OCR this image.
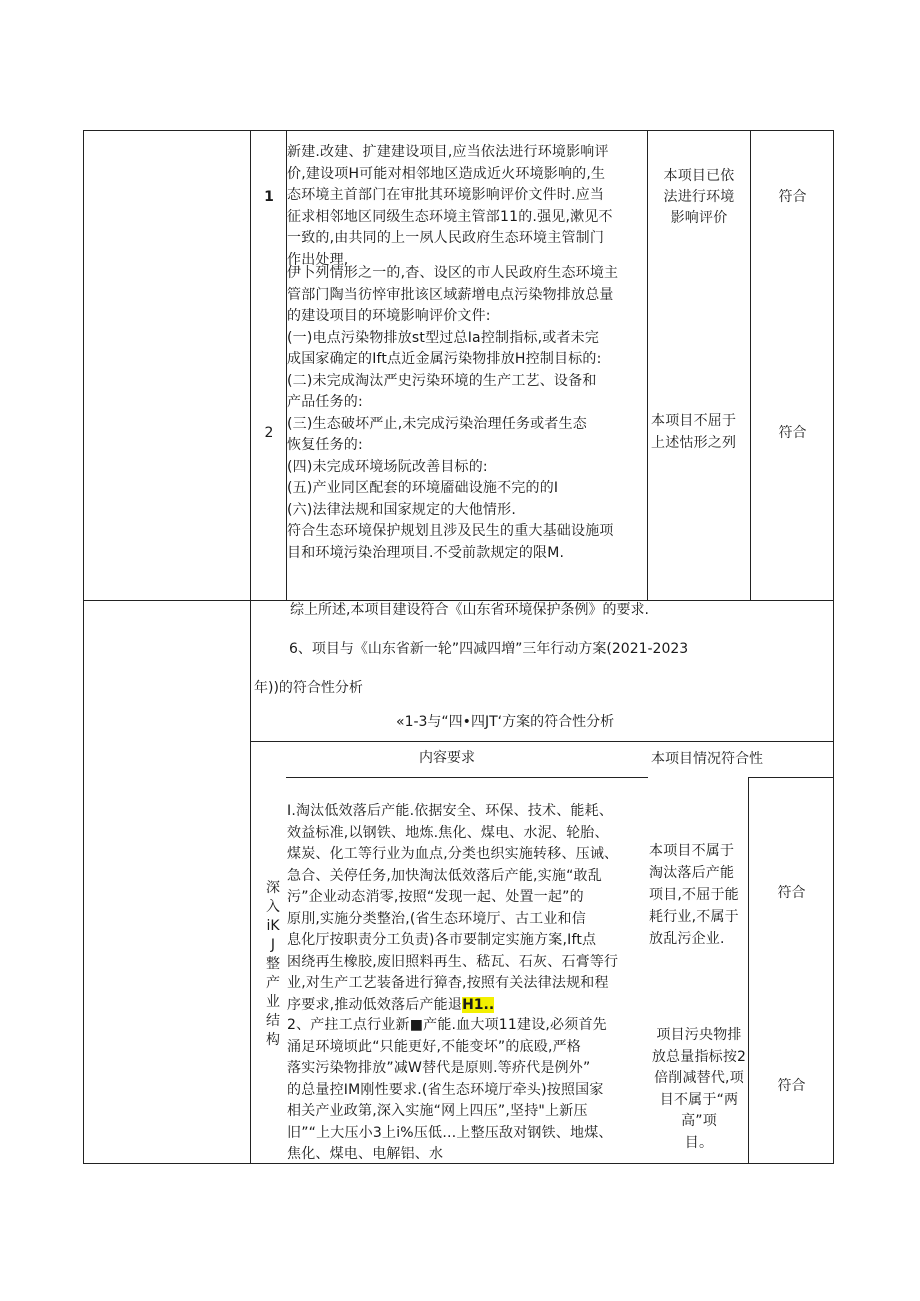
1
新建.改建、扩建建设项目,应当依法进行环境影响评
价,建设项H可能对相邻地区造成近火环境影响的,生
态环境主首部门在审批其环境影响评价文件时.应当
征求相邻地区同级生态环境主管部11的.强见,漱见不
一致的,由共同的上一夙人民政府生态环境主管制门
作出处理,
本项目已依
法进行环境
影响评价
符合
2
伊卜列情形之一的,杳、设区的市人民政府生态环境主
管部门陶当彷悴审批该区域薪增电点污染物排放总量
的建设项目的环境影响评价文件:
(一)电点污染物排放st型过总Ia控制指标,或者未完
成国家确定的Ift点近金属污染物排放H控制目标的:
(二)未完成淘汰严史污染环境的生产工艺、设备和
产品任务的:
(三)生态破坏严止,未完成污染治理任务或者生态
恢复任务的:
(四)未完成环境场阮改善目标的:
(五)产业同区配套的环境靥础设施不完的的I
(六)法律法规和国家规定的大他情形.
符合生态环境保护规划且涉及民生的重大基础设施项
目和环境污染治理项目.不受前款规定的限M.
本项目不屈于
上述怙形之列
符合
综上所述,本项目建设符合《山东省环境保护条例》的要求.
6、项目与《山东省新一轮”四减四増”三年行动方案(2021-2023
年))的符合性分析
«1-3与“四•四JT‘方案的符合性分析
内容要求	本项目情况符合性
深
入
iK
J
整
产
业
结
构
I.淘汰低效落后产能.依据安全、环保、技术、能耗、
效益标准,以钢铁、地炼.焦化、煤电、水泥、轮胎、
煤炭、化工等行业为血点,分类也织实施转移、压诫、
急合、关停任务,加快淘汰低效落后产能,实施“敢乱
污”企业动态消零,按照“发现一起、处置一起”的
原刖,实施分类整治,(省生态环境厅、古工业和信
息化厅按职责分工负责)各市要制定实施方案,Ift点
困绕再生橡胶,废旧照料再生、嵇瓦、石灰、石膏等行
业,对生产工艺装备进行獐杳,按照有关法律法规和程
序要求,推动低效落后产能退H1..
本项目不属于
淘汰落后产能
项目,不屈于能
耗行业,不属于
放乱污企业.
符合
2、产拄工点行业新■产能.血大项11建设,必须首先
涌足环境顷此“只能更好,不能变坏”的底殴,严格
落实污染物排放”减W替代是原则.等疥代是例外”
的总量控IM刚性要求.(省生态环境厅牵头)按照国家
相关产业政第,深入实施“网上四压”,坚持"上新压
旧”“上大压小3上i%压低…上整压敌对钢铁、地煤、
焦化、煤电、电解铝、水
项目污央物排
放总量指标按2
倍削减替代,项
目不属于“两
高”项
目。
符合
